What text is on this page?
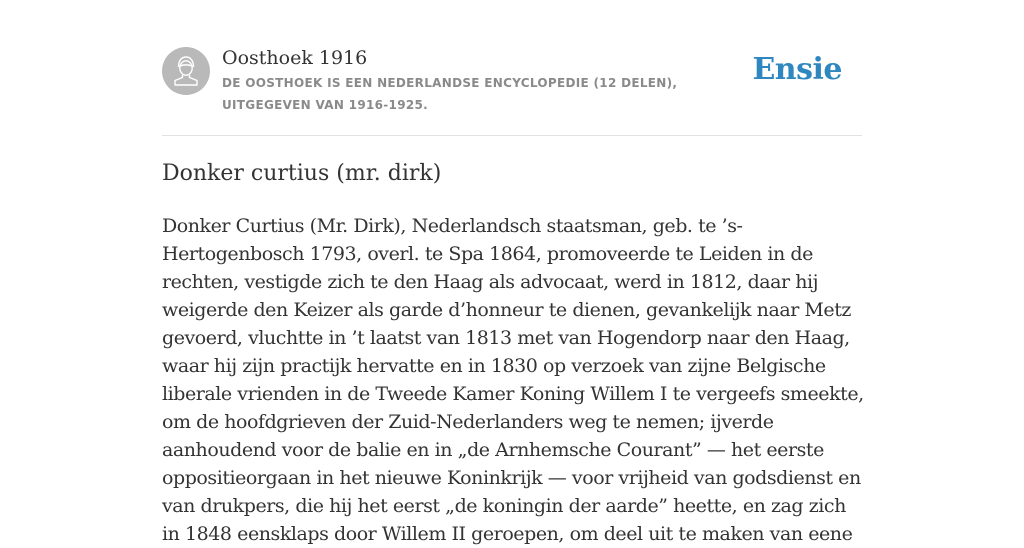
Oosthoek 1916
DE OOSTHOEK IS EEN NEDERLANDSE ENCYCLOPEDIE (12 DELEN), UITGEGEVEN VAN 1916-1925.
Ensie
Donker curtius (mr. dirk)

Donker Curtius (Mr. Dirk), Nederlandsch staatsman, geb. te ’s-Hertogenbosch 1793, overl. te Spa 1864, promoveerde te Leiden in de rechten, vestigde zich te den Haag als advocaat, werd in 1812, daar hij weigerde den Keizer als garde d’honneur te dienen, gevankelijk naar Metz gevoerd, vluchtte in ’t laatst van 1813 met van Hogendorp naar den Haag, waar hij zijn practijk hervatte en in 1830 op verzoek van zijne Belgische liberale vrienden in de Tweede Kamer Koning Willem I te vergeefs smeekte, om de hoofdgrieven der Zuid-Nederlanders weg te nemen; ijverde aanhoudend voor de balie en in „de Arnhemsche Courant” — het eerste oppositieorgaan in het nieuwe Koninkrijk — voor vrijheid van godsdienst en van drukpers, die hij het eerst „de koningin der aarde” heette, en zag zich in 1848 eensklaps door Willem II geroepen, om deel uit te maken van eene
